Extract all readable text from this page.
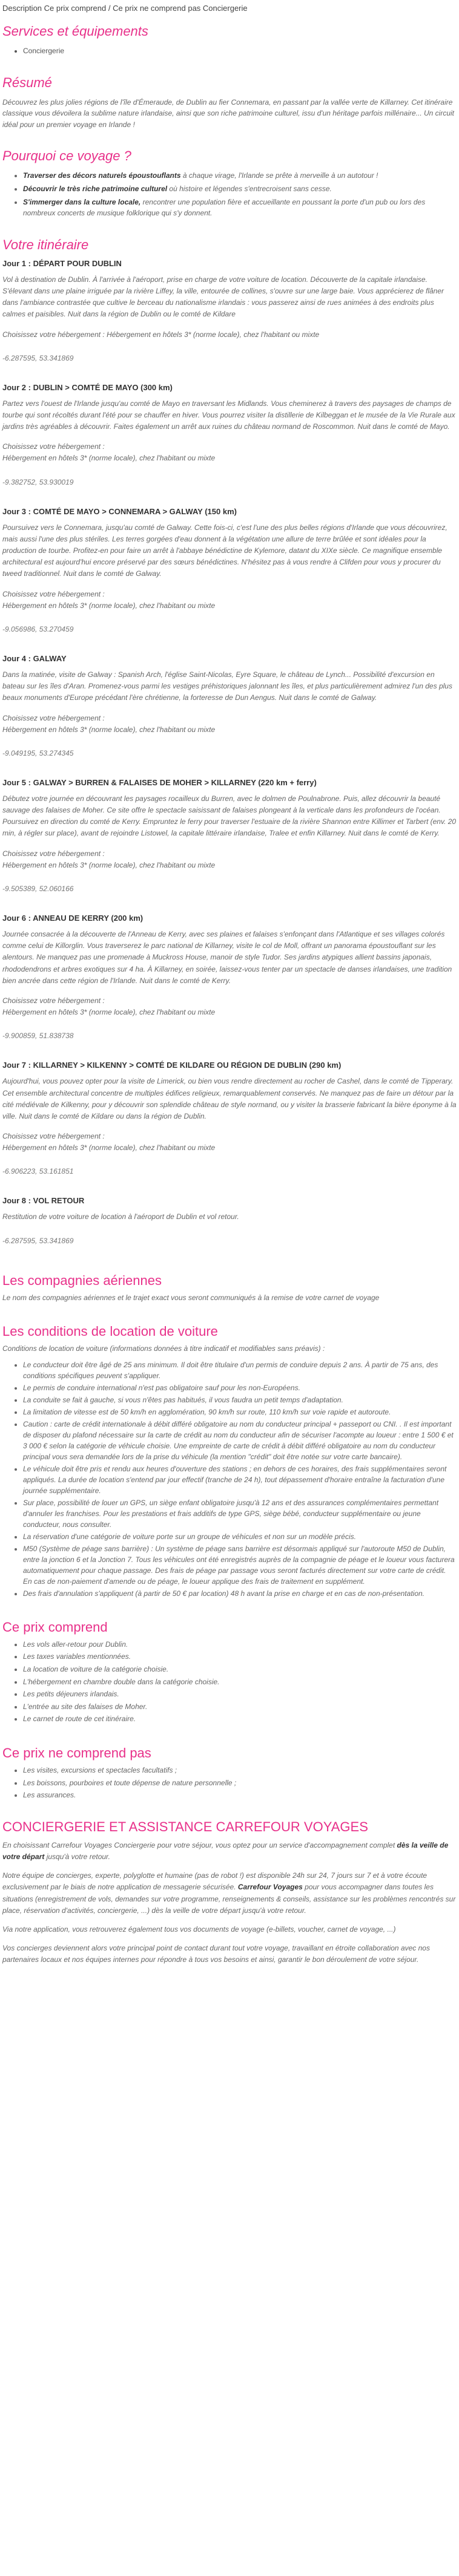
Description Ce prix comprend / Ce prix ne comprend pas Conciergerie
Services et équipements
• Conciergerie
Résumé

Découvrez les plus jolies régions de l'île d'Émeraude, de Dublin au fier Connemara, en passant par la vallée verte de Killarney. Cet itinéraire classique vous dévoilera la sublime nature irlandaise, ainsi que son riche patrimoine culturel, issu d'un héritage parfois millénaire... Un circuit idéal pour un premier voyage en Irlande !

Pourquoi ce voyage ?
• Traverser des décors naturels époustouflants à chaque virage, l'Irlande se prête à merveille à un autotour !
• Découvrir le très riche patrimoine culturel où histoire et légendes s'entrecroisent sans cesse.
• S'immerger dans la culture locale, rencontrer une population fière et accueillante en poussant la porte d'un pub ou lors des nombreux concerts de musique folklorique qui s'y donnent.
Votre itinéraire
Jour 1 : DÉPART POUR DUBLIN
Vol à destination de Dublin. À l'arrivée à l'aéroport, prise en charge de votre voiture de location. Découverte de la capitale irlandaise. S'élevant dans une plaine irriguée par la rivière Liffey, la ville, entourée de collines, s'ouvre sur une large baie. Vous apprécierez de flâner dans l'ambiance contrastée que cultive le berceau du nationalisme irlandais : vous passerez ainsi de rues animées à des endroits plus calmes et paisibles. Nuit dans la région de Dublin ou le comté de Kildare
Choisissez votre hébergement : Hébergement en hôtels 3* (norme locale), chez l'habitant ou mixte
-6.287595, 53.341869
Jour 2 : DUBLIN > COMTÉ DE MAYO (300 km)
Partez vers l'ouest de l'Irlande jusqu'au comté de Mayo en traversant les Midlands. Vous cheminerez à travers des paysages de champs de tourbe qui sont récoltés durant l'été pour se chauffer en hiver. Vous pourrez visiter la distillerie de Kilbeggan et le musée de la Vie Rurale aux jardins très agréables à découvrir. Faites également un arrêt aux ruines du château normand de Roscommon. Nuit dans le comté de Mayo.
Choisissez votre hébergement :
Hébergement en hôtels 3* (norme locale), chez l'habitant ou mixte
-9.382752, 53.930019
Jour 3 : COMTÉ DE MAYO > CONNEMARA > GALWAY (150 km)
Poursuivez vers le Connemara, jusqu'au comté de Galway. Cette fois-ci, c'est l'une des plus belles régions d'Irlande que vous découvrirez, mais aussi l'une des plus stériles. Les terres gorgées d'eau donnent à la végétation une allure de terre brûlée et sont idéales pour la production de tourbe. Profitez-en pour faire un arrêt à l'abbaye bénédictine de Kylemore, datant du XIXe siècle. Ce magnifique ensemble architectural est aujourd'hui encore préservé par des sœurs bénédictines. N'hésitez pas à vous rendre à Clifden pour vous y procurer du tweed traditionnel. Nuit dans le comté de Galway.
Choisissez votre hébergement :
Hébergement en hôtels 3* (norme locale), chez l'habitant ou mixte
-9.056986, 53.270459
Jour 4 : GALWAY
Dans la matinée, visite de Galway : Spanish Arch, l'église Saint-Nicolas, Eyre Square, le château de Lynch... Possibilité d'excursion en bateau sur les îles d'Aran. Promenez-vous parmi les vestiges préhistoriques jalonnant les îles, et plus particulièrement admirez l'un des plus beaux monuments d'Europe précédant l'ère chrétienne, la forteresse de Dun Aengus. Nuit dans le comté de Galway.
Choisissez votre hébergement :
Hébergement en hôtels 3* (norme locale), chez l'habitant ou mixte
-9.049195, 53.274345
Jour 5 : GALWAY > BURREN & FALAISES DE MOHER > KILLARNEY (220 km + ferry)
Débutez votre journée en découvrant les paysages rocailleux du Burren, avec le dolmen de Poulnabrone. Puis, allez découvrir la beauté sauvage des falaises de Moher. Ce site offre le spectacle saisissant de falaises plongeant à la verticale dans les profondeurs de l'océan. Poursuivez en direction du comté de Kerry. Empruntez le ferry pour traverser l'estuaire de la rivière Shannon entre Killimer et Tarbert (env. 20 min, à régler sur place), avant de rejoindre Listowel, la capitale littéraire irlandaise, Tralee et enfin Killarney. Nuit dans le comté de Kerry.
Choisissez votre hébergement :
Hébergement en hôtels 3* (norme locale), chez l'habitant ou mixte
-9.505389, 52.060166
Jour 6 : ANNEAU DE KERRY (200 km)
Journée consacrée à la découverte de l'Anneau de Kerry, avec ses plaines et falaises s'enfonçant dans l'Atlantique et ses villages colorés comme celui de Killorglin. Vous traverserez le parc national de Killarney, visite le col de Moll, offrant un panorama époustouflant sur les alentours. Ne manquez pas une promenade à Muckross House, manoir de style Tudor. Ses jardins atypiques allient bassins japonais, rhododendrons et arbres exotiques sur 4 ha. À Killarney, en soirée, laissez-vous tenter par un spectacle de danses irlandaises, une tradition bien ancrée dans cette région de l'Irlande. Nuit dans le comté de Kerry.
Choisissez votre hébergement :
Hébergement en hôtels 3* (norme locale), chez l'habitant ou mixte
-9.900859, 51.838738
Jour 7 : KILLARNEY > KILKENNY > COMTÉ DE KILDARE OU RÉGION DE DUBLIN (290 km)
Aujourd'hui, vous pouvez opter pour la visite de Limerick, ou bien vous rendre directement au rocher de Cashel, dans le comté de Tipperary. Cet ensemble architectural concentre de multiples édifices religieux, remarquablement conservés. Ne manquez pas de faire un détour par la cité médiévale de Kilkenny, pour y découvrir son splendide château de style normand, ou y visiter la brasserie fabricant la bière éponyme à la ville. Nuit dans le comté de Kildare ou dans la région de Dublin.
Choisissez votre hébergement :
Hébergement en hôtels 3* (norme locale), chez l'habitant ou mixte
-6.906223, 53.161851
Jour 8 : VOL RETOUR
Restitution de votre voiture de location à l'aéroport de Dublin et vol retour.
-6.287595, 53.341869
Les compagnies aériennes

Le nom des compagnies aériennes et le trajet exact vous seront communiqués à la remise de votre carnet de voyage

Les conditions de location de voiture

Conditions de location de voiture (informations données à titre indicatif et modifiables sans préavis) :

• Le conducteur doit être âgé de 25 ans minimum. Il doit être titulaire d'un permis de conduire depuis 2 ans. À partir de 75 ans, des conditions spécifiques peuvent s'appliquer.
• Le permis de conduire international n'est pas obligatoire sauf pour les non-Européens.
• La conduite se fait à gauche, si vous n'êtes pas habitués, il vous faudra un petit temps d'adaptation.
• La limitation de vitesse est de 50 km/h en agglomération, 90 km/h sur route, 110 km/h sur voie rapide et autoroute.
• Caution : carte de crédit internationale à débit différé obligatoire au nom du conducteur principal + passeport ou CNI. . Il est important de disposer du plafond nécessaire sur la carte de crédit au nom du conducteur afin de sécuriser l'acompte au loueur : entre 1 500 € et 3 000 € selon la catégorie de véhicule choisie. Une empreinte de carte de crédit à débit différé obligatoire au nom du conducteur principal vous sera demandée lors de la prise du véhicule (la mention "crédit" doit être notée sur votre carte bancaire).
• Le véhicule doit être pris et rendu aux heures d'ouverture des stations ; en dehors de ces horaires, des frais supplémentaires seront appliqués. La durée de location s'entend par jour effectif (tranche de 24 h), tout dépassement d'horaire entraîne la facturation d'une journée supplémentaire.
• Sur place, possibilité de louer un GPS, un siège enfant obligatoire jusqu'à 12 ans et des assurances complémentaires permettant d'annuler les franchises. Pour les prestations et frais additifs de type GPS, siège bébé, conducteur supplémentaire ou jeune conducteur, nous consulter.
• La réservation d'une catégorie de voiture porte sur un groupe de véhicules et non sur un modèle précis.
• M50 (Système de péage sans barrière) : Un système de péage sans barrière est désormais appliqué sur l'autoroute M50 de Dublin, entre la jonction 6 et la Jonction 7. Tous les véhicules ont été enregistrés auprès de la compagnie de péage et le loueur vous facturera automatiquement pour chaque passage. Des frais de péage par passage vous seront facturés directement sur votre carte de crédit. En cas de non-paiement d'amende ou de péage, le loueur applique des frais de traitement en supplément.
• Des frais d'annulation s'appliquent (à partir de 50 € par location) 48 h avant la prise en charge et en cas de non-présentation.
Ce prix comprend
• Les vols aller-retour pour Dublin.
• Les taxes variables mentionnées.
• La location de voiture de la catégorie choisie.
• L'hébergement en chambre double dans la catégorie choisie.
• Les petits déjeuners irlandais.
• L'entrée au site des falaises de Moher.
• Le carnet de route de cet itinéraire.
Ce prix ne comprend pas
• Les visites, excursions et spectacles facultatifs ;
• Les boissons, pourboires et toute dépense de nature personnelle ;
• Les assurances.
CONCIERGERIE ET ASSISTANCE CARREFOUR VOYAGES

En choisissant Carrefour Voyages Conciergerie pour votre séjour, vous optez pour un service d'accompagnement complet dès la veille de votre départ jusqu'à votre retour.

Notre équipe de concierges, experte, polyglotte et humaine (pas de robot !) est disponible 24h sur 24, 7 jours sur 7 et à votre écoute exclusivement par le biais de notre application de messagerie sécurisée. Carrefour Voyages pour vous accompagner dans toutes les situations (enregistrement de vols, demandes sur votre programme, renseignements & conseils, assistance sur les problèmes rencontrés sur place, réservation d'activités, conciergerie, ...) dès la veille de votre départ jusqu'à votre retour.

Via notre application, vous retrouverez également tous vos documents de voyage (e-billets, voucher, carnet de voyage, ...)

Vos concierges deviennent alors votre principal point de contact durant tout votre voyage, travaillant en étroite collaboration avec nos partenaires locaux et nos équipes internes pour répondre à tous vos besoins et ainsi, garantir le bon déroulement de votre séjour.
